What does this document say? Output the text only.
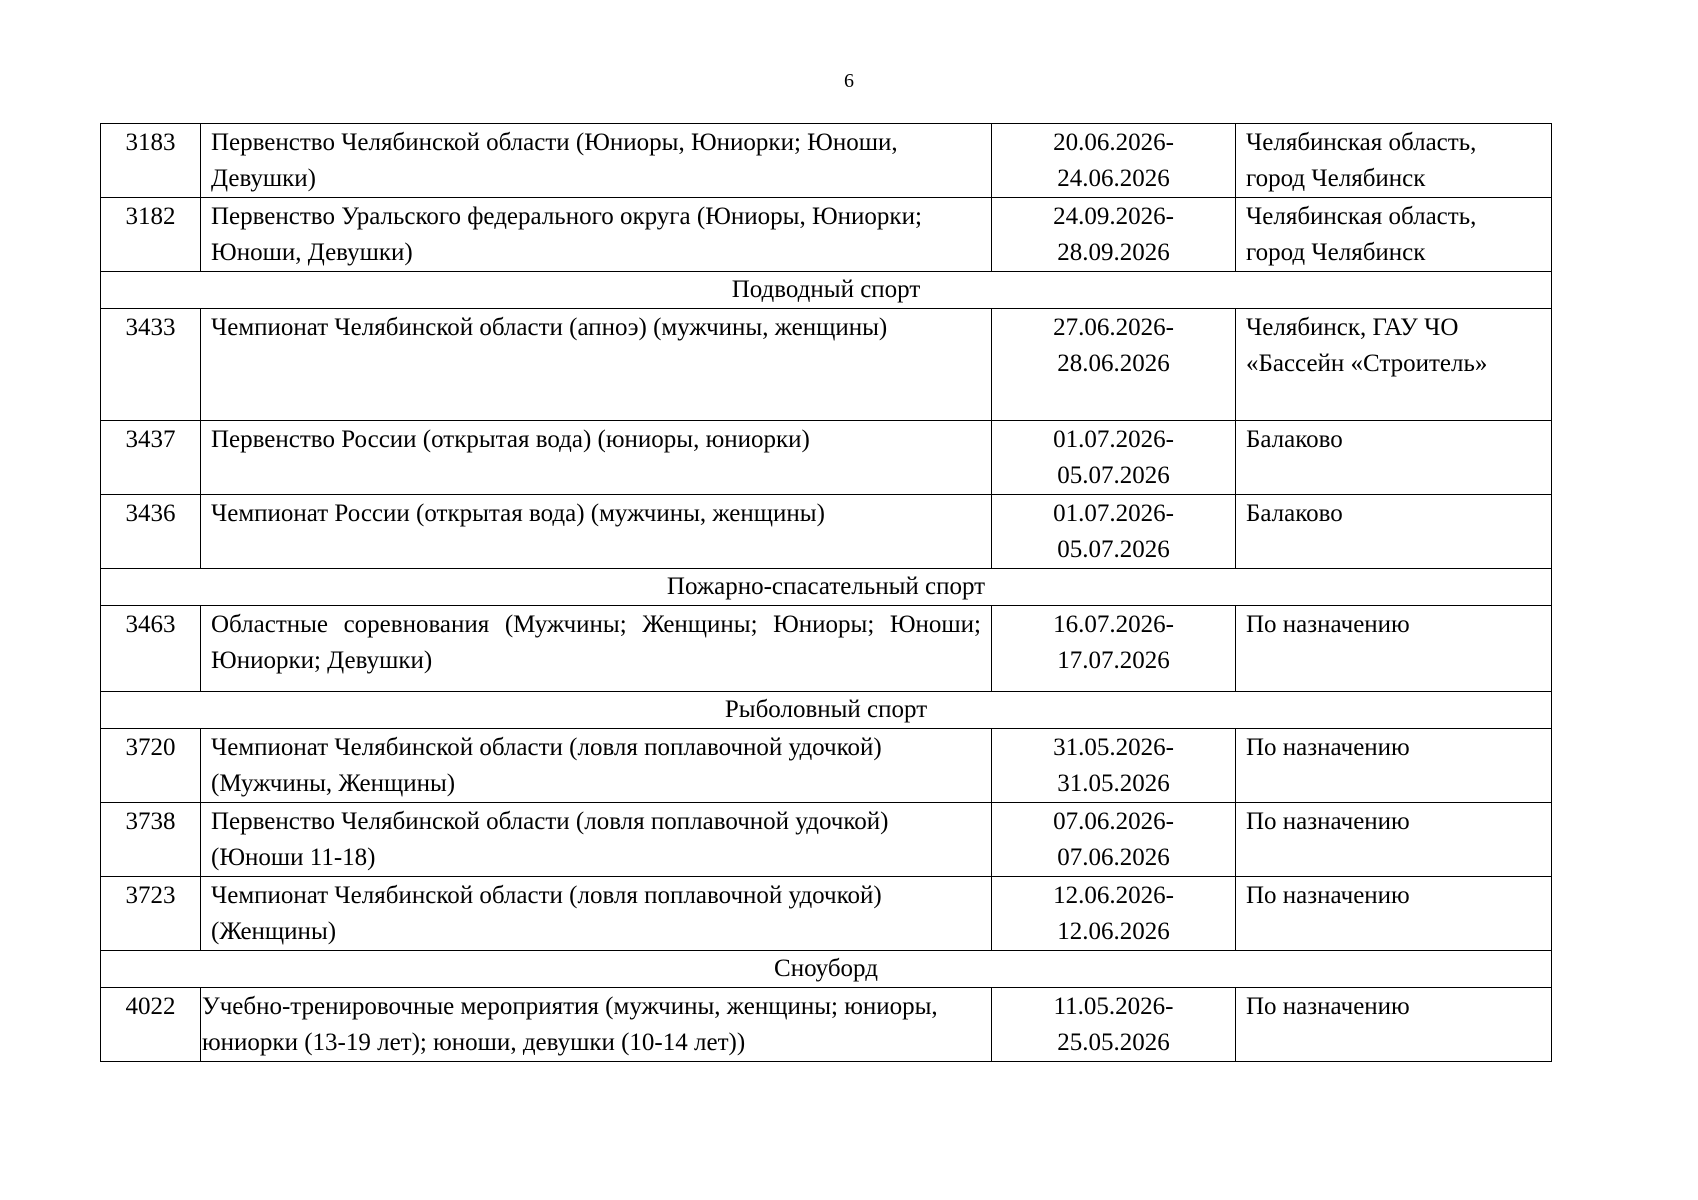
6
3183	Первенство Челябинской области (Юниоры, Юниорки; Юноши, Девушки)	20.06.2026-
24.06.2026	Челябинская область, город Челябинск
3182	Первенство Уральского федерального округа (Юниоры, Юниорки; Юноши, Девушки)	24.09.2026-
28.09.2026	Челябинская область, город Челябинск
Подводный спорт			
3433	Чемпионат Челябинской области (апноэ) (мужчины, женщины)	27.06.2026-
28.06.2026	Челябинск, ГАУ ЧО «Бассейн «Строитель»
3437	Первенство России (открытая вода) (юниоры, юниорки)	01.07.2026-
05.07.2026	Балаково
3436	Чемпионат России (открытая вода) (мужчины, женщины)	01.07.2026-
05.07.2026	Балаково
Пожарно-спасательный спорт			
3463	Областные соревнования (Мужчины; Женщины; Юниоры; Юноши; Юниорки; Девушки)	16.07.2026-
17.07.2026	По назначению
Рыболовный спорт			
3720	Чемпионат Челябинской области (ловля поплавочной удочкой) (Мужчины, Женщины)	31.05.2026-
31.05.2026	По назначению
3738	Первенство Челябинской области (ловля поплавочной удочкой) (Юноши 11-18)	07.06.2026-
07.06.2026	По назначению
3723	Чемпионат Челябинской области (ловля поплавочной удочкой) (Женщины)	12.06.2026-
12.06.2026	По назначению
Сноуборд			
4022	Учебно-тренировочные мероприятия (мужчины, женщины; юниоры, юниорки (13-19 лет); юноши, девушки (10-14 лет))	11.05.2026-
25.05.2026	По назначению
